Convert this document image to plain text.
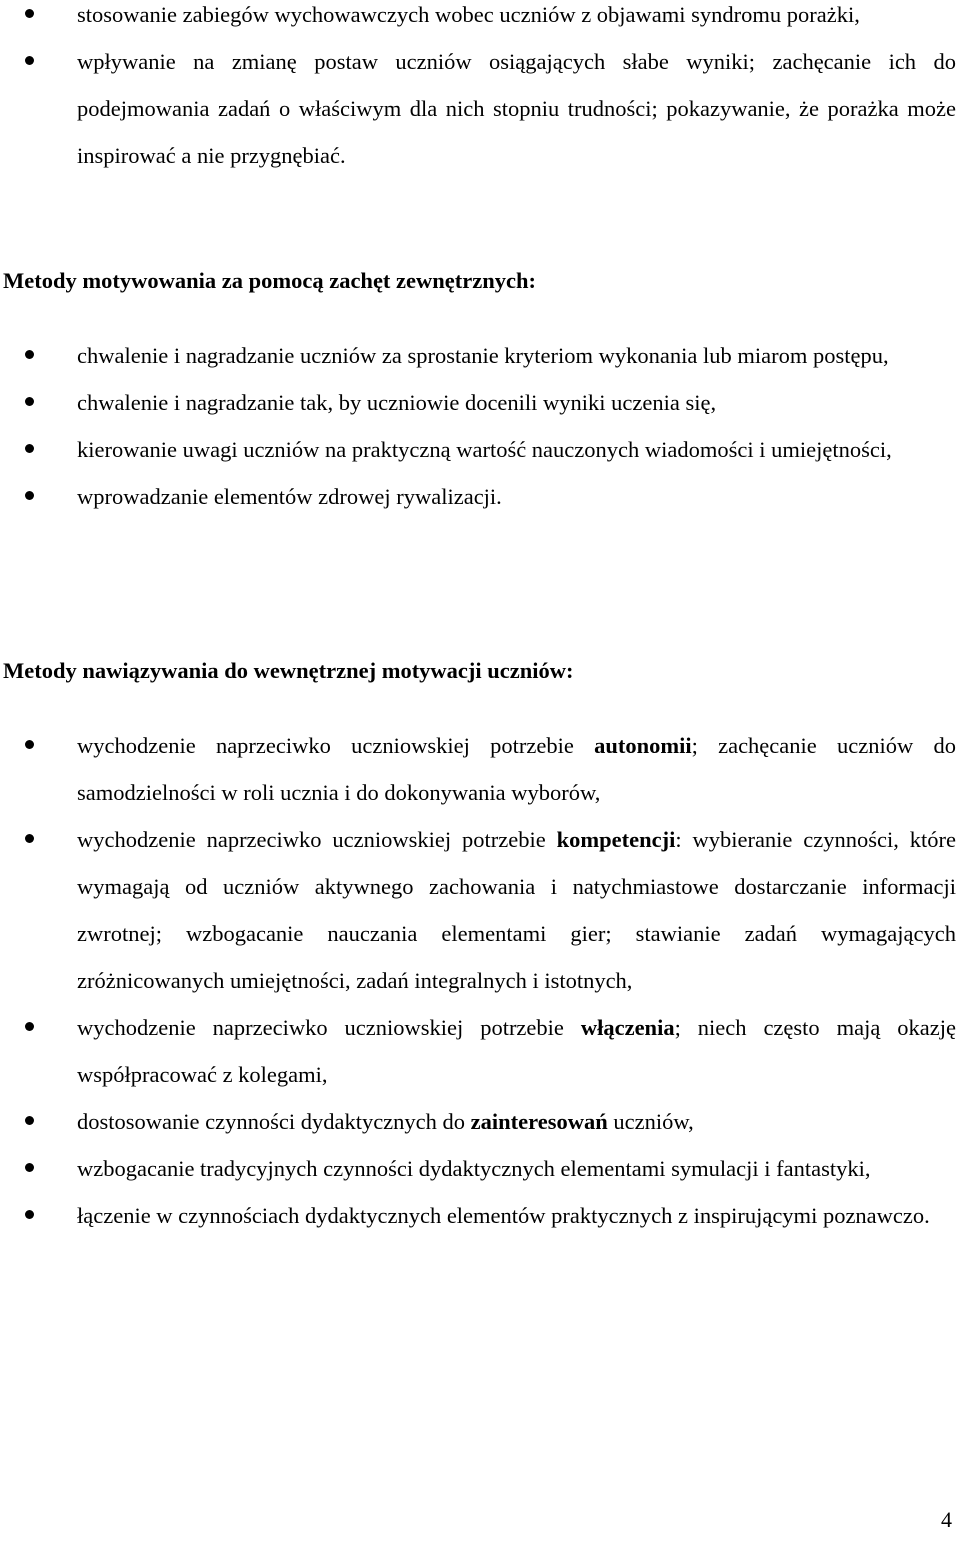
stosowanie zabiegów wychowawczych wobec uczniów z objawami syndromu porażki,
wpływanie na zmianę postaw uczniów osiągających słabe wyniki; zachęcanie ich do podejmowania zadań o właściwym dla nich stopniu trudności; pokazywanie, że porażka może inspirować a nie przygnębiać.
Metody motywowania za pomocą zachęt zewnętrznych:
chwalenie i nagradzanie uczniów za sprostanie kryteriom wykonania lub miarom postępu,
chwalenie i nagradzanie tak, by uczniowie docenili wyniki uczenia się,
kierowanie uwagi uczniów na praktyczną wartość nauczonych wiadomości i umiejętności,
wprowadzanie elementów zdrowej rywalizacji.
Metody nawiązywania do wewnętrznej motywacji uczniów:
wychodzenie naprzeciwko uczniowskiej potrzebie autonomii; zachęcanie uczniów do samodzielności w roli ucznia i do dokonywania wyborów,
wychodzenie naprzeciwko uczniowskiej potrzebie kompetencji: wybieranie czynności, które wymagają od uczniów aktywnego zachowania i natychmiastowe dostarczanie informacji zwrotnej; wzbogacanie nauczania elementami gier; stawianie zadań wymagających zróżnicowanych umiejętności, zadań integralnych i istotnych,
wychodzenie naprzeciwko uczniowskiej potrzebie włączenia; niech często mają okazję współpracować z kolegami,
dostosowanie czynności dydaktycznych do zainteresowań uczniów,
wzbogacanie tradycyjnych czynności dydaktycznych elementami symulacji i fantastyki,
łączenie w czynnościach dydaktycznych elementów praktycznych z inspirującymi poznawczo.
4
